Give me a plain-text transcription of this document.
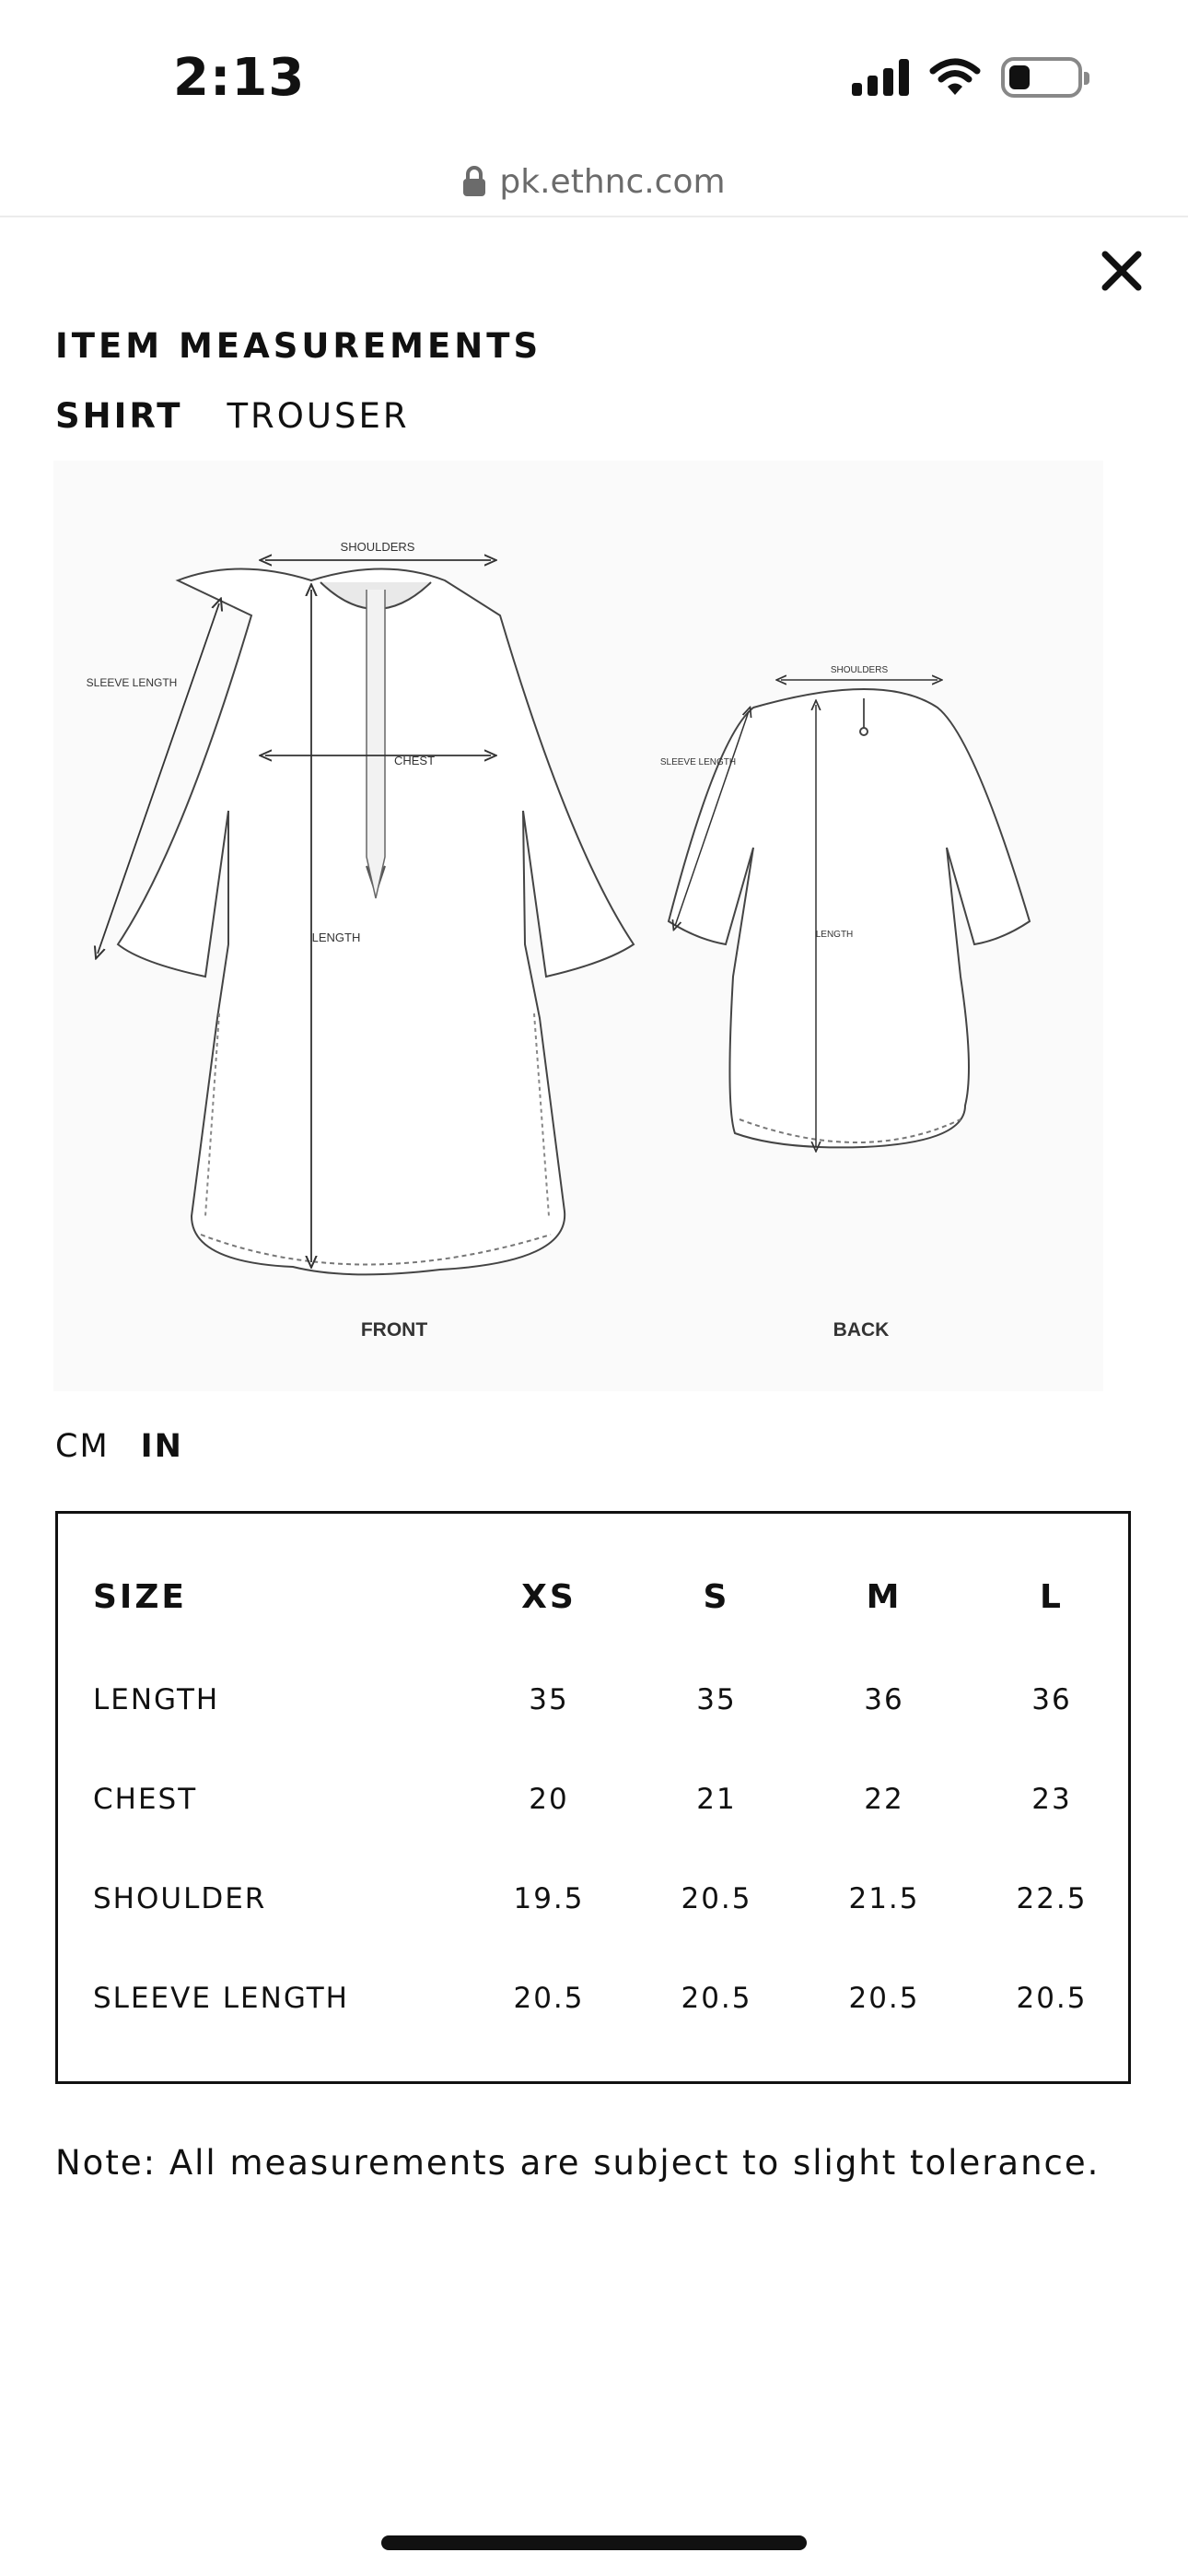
2:13
pk.ethnc.com
ITEM MEASUREMENTS
SHIRT TROUSER
SHOULDERS
SLEEVE LENGTH
CHEST
LENGTH
SHOULDERS
SLEEVE LENGTH
LENGTH
FRONT	BACK
CM IN
SIZE	XS	S	M	L
LENGTH	35	35	36	36
CHEST	20	21	22	23
SHOULDER	19.5	20.5	21.5	22.5
SLEEVE LENGTH	20.5	20.5	20.5	20.5
Note: All measurements are subject to slight tolerance.
